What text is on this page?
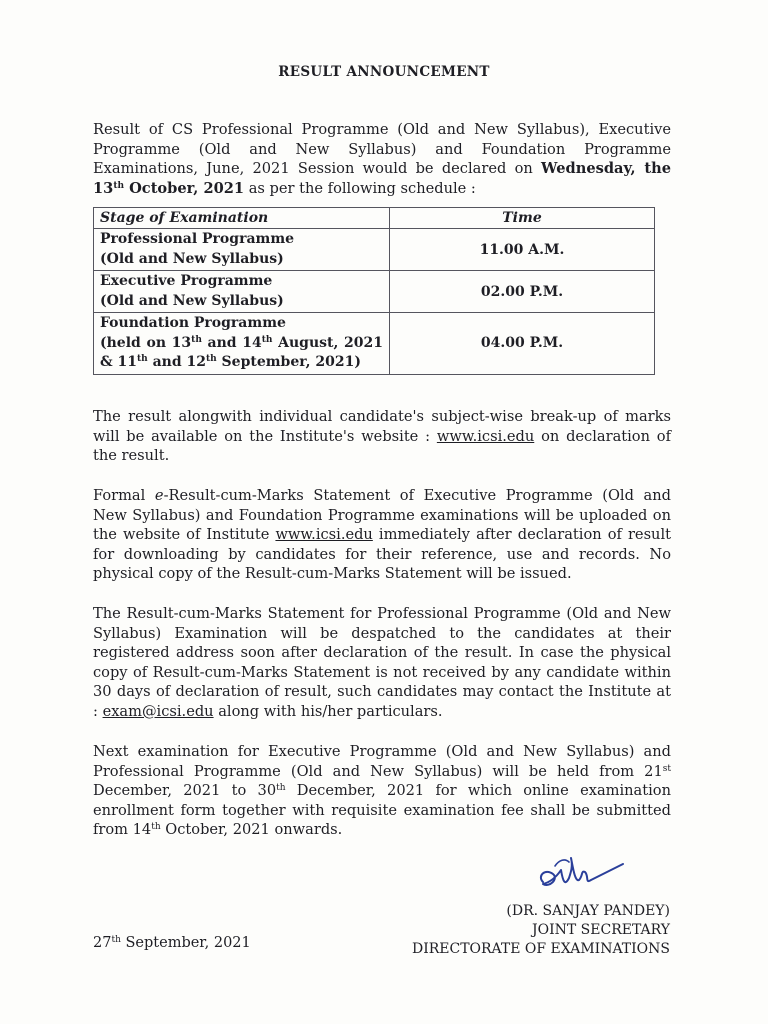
RESULT ANNOUNCEMENT
Result of CS Professional Programme (Old and New Syllabus), Executive Programme (Old and New Syllabus) and Foundation Programme Examinations, June, 2021 Session would be declared on Wednesday, the 13th October, 2021 as per the following schedule :
Stage of Examination	Time
Professional Programme
(Old and New Syllabus)	11.00 A.M.
Executive Programme
(Old and New Syllabus)	02.00 P.M.
Foundation Programme
(held on 13th and 14th August, 2021 & 11th and 12th September, 2021)	04.00 P.M.
The result alongwith individual candidate's subject-wise break-up of marks will be available on the Institute's website : www.icsi.edu on declaration of the result.
Formal e-Result-cum-Marks Statement of Executive Programme (Old and New Syllabus) and Foundation Programme examinations will be uploaded on the website of Institute www.icsi.edu immediately after declaration of result for downloading by candidates for their reference, use and records. No physical copy of the Result-cum-Marks Statement will be issued.
The Result-cum-Marks Statement for Professional Programme (Old and New Syllabus) Examination will be despatched to the candidates at their registered address soon after declaration of the result. In case the physical copy of Result-cum-Marks Statement is not received by any candidate within 30 days of declaration of result, such candidates may contact the Institute at : exam@icsi.edu along with his/her particulars.
Next examination for Executive Programme (Old and New Syllabus) and Professional Programme (Old and New Syllabus) will be held from 21st December, 2021 to 30th December, 2021 for which online examination enrollment form together with requisite examination fee shall be submitted from 14th October, 2021 onwards.
(DR. SANJAY PANDEY)
JOINT SECRETARY
DIRECTORATE OF EXAMINATIONS
27th September, 2021
